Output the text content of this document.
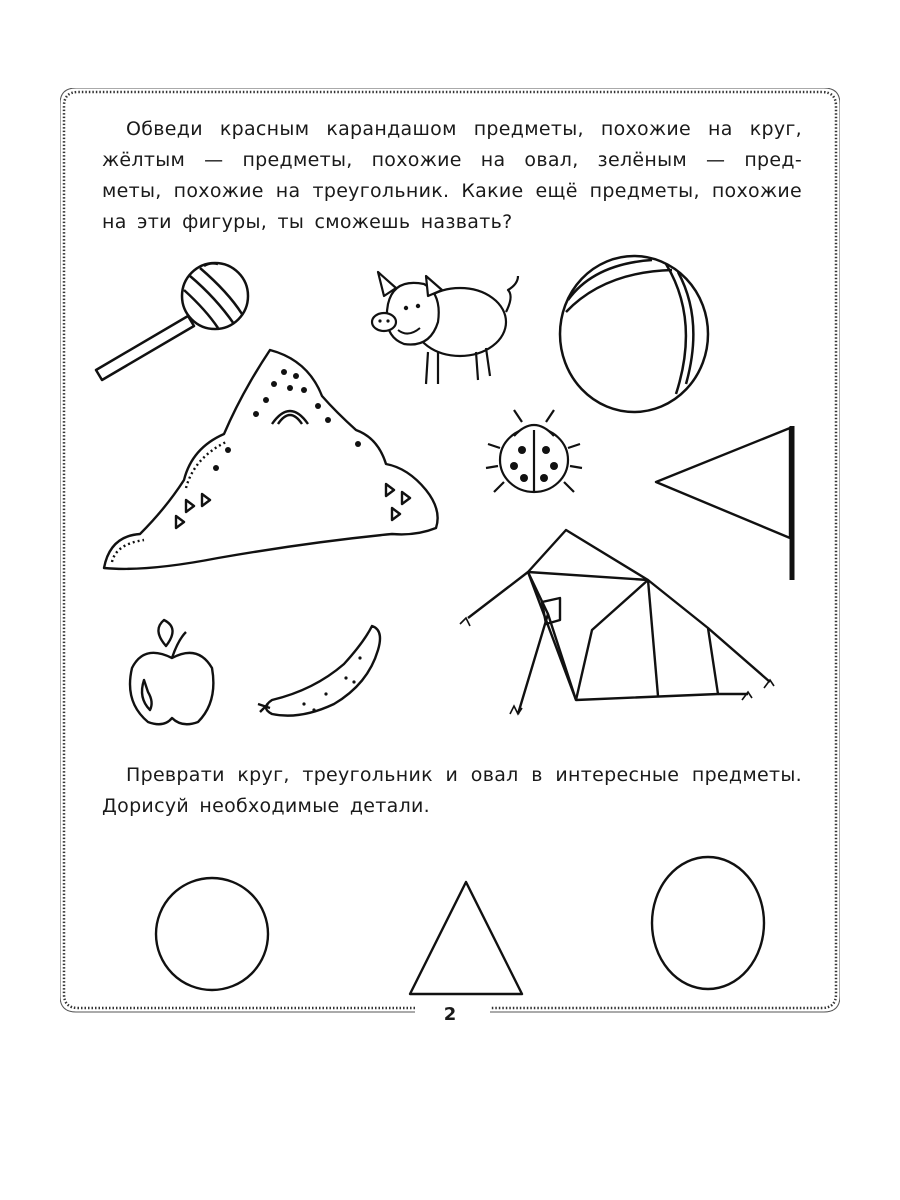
Обведи красным карандашом предметы, похожие на круг,
жёлтым — предметы, похожие на овал, зелёным — пред-
меты, похожие на треугольник. Какие ещё предметы, похожие
на эти фигуры, ты сможешь назвать?

Преврати круг, треугольник и овал в интересные предметы.
Дорисуй необходимые детали.

2
